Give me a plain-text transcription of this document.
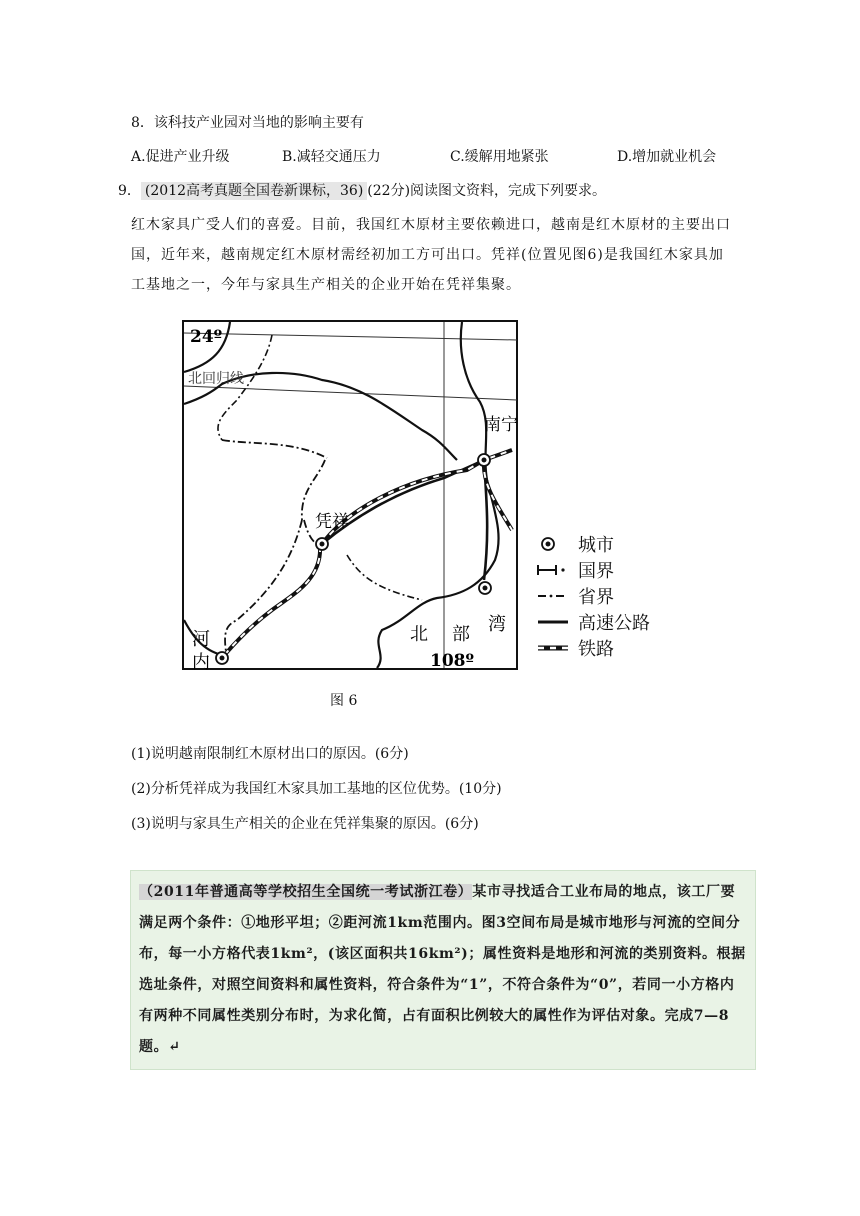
8．该科技产业园对当地的影响主要有
A.促进产业升级	B.减轻交通压力	C.缓解用地紧张	D.增加就业机会
9． (2012高考真题全国卷新课标，36) (22分)阅读图文资料，完成下列要求。
红木家具广受人们的喜爱。目前，我国红木原材主要依赖进口，越南是红木原材的主要出口国，近年来，越南规定红木原材需经初加工方可出口。凭祥(位置见图6)是我国红木家具加工基地之一，今年与家具生产相关的企业开始在凭祥集聚。
24º
北回归线
南宁
凭祥
河
内
北 部 湾
108º
城市
国界
省界
高速公路
铁路
图 6
(1)说明越南限制红木原材出口的原因。(6分)
(2)分析凭祥成为我国红木家具加工基地的区位优势。(10分)
(3)说明与家具生产相关的企业在凭祥集聚的原因。(6分)
（2011年普通高等学校招生全国统一考试浙江卷）某市寻找适合工业布局的地点，该工厂要满足两个条件：①地形平坦；②距河流1km范围内。图3空间布局是城市地形与河流的空间分布，每一小方格代表1km²，(该区面积共16km²)；属性资料是地形和河流的类别资料。根据选址条件，对照空间资料和属性资料，符合条件为“1”，不符合条件为“0”，若同一小方格内有两种不同属性类别分布时，为求化简，占有面积比例较大的属性作为评估对象。完成7—8题。↵
